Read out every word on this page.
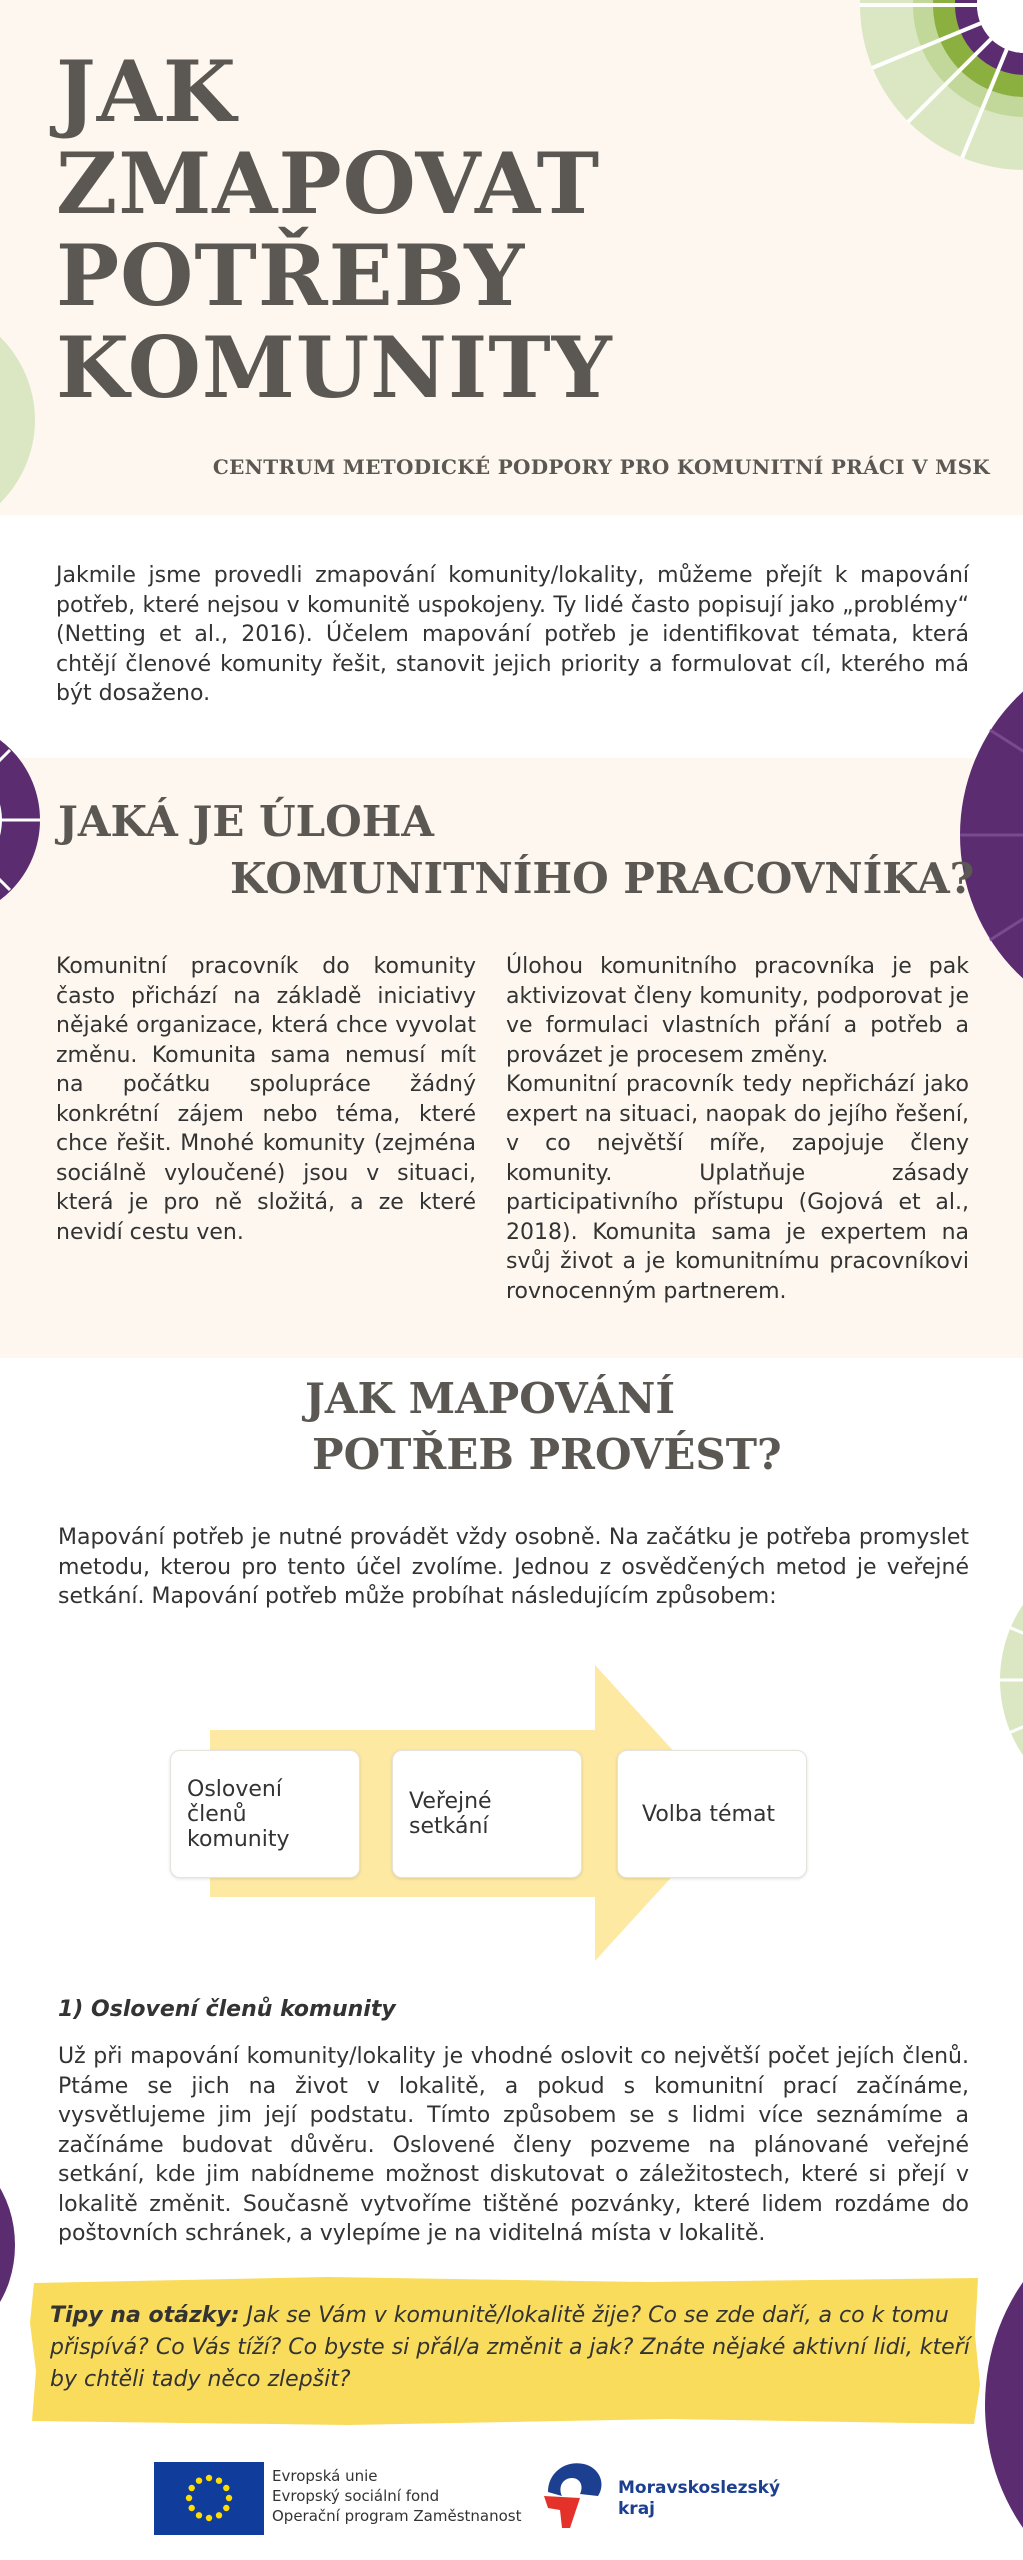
JAK
ZMAPOVAT
POTŘEBY
KOMUNITY
CENTRUM METODICKÉ PODPORY PRO KOMUNITNÍ PRÁCI V MSK

Jakmile jsme provedli zmapování komunity/lokality, můžeme přejít k mapování potřeb, které nejsou v komunitě uspokojeny. Ty lidé často popisují jako „problémy“ (Netting et al., 2016). Účelem mapování potřeb je identifikovat témata, která chtějí členové komunity řešit, stanovit jejich priority a formulovat cíl, kterého má být dosaženo.

JAKÁ JE ÚLOHA
KOMUNITNÍHO PRACOVNÍKA?

Komunitní pracovník do komunity často přichází na základě iniciativy nějaké organizace, která chce vyvolat změnu. Komunita sama nemusí mít na počátku spolupráce žádný konkrétní zájem nebo téma, které chce řešit. Mnohé komunity (zejména sociálně vyloučené) jsou v situaci, která je pro ně složitá, a ze které nevidí cestu ven.

Úlohou komunitního pracovníka je pak aktivizovat členy komunity, podporovat je ve formulaci vlastních přání a potřeb a provázet je procesem změny.

Komunitní pracovník tedy nepřichází jako expert na situaci, naopak do jejího řešení, v co největší míře, zapojuje členy komunity. Uplatňuje zásady participativního přístupu (Gojová et al., 2018). Komunita sama je expertem na svůj život a je komunitnímu pracovníkovi rovnocenným partnerem.

JAK MAPOVÁNÍ
POTŘEB PROVÉST?

Mapování potřeb je nutné provádět vždy osobně. Na začátku je potřeba promyslet metodu, kterou pro tento účel zvolíme. Jednou z osvědčených metod je veřejné setkání. Mapování potřeb může probíhat následujícím způsobem:

Oslovení členů komunity
Veřejné setkání	Volba témat
1) Oslovení členů komunity

Už při mapování komunity/lokality je vhodné oslovit co největší počet jejích členů. Ptáme se jich na život v lokalitě, a pokud s komunitní prací začínáme, vysvětlujeme jim její podstatu. Tímto způsobem se s lidmi více seznámíme a začínáme budovat důvěru. Oslovené členy pozveme na plánované veřejné setkání, kde jim nabídneme možnost diskutovat o záležitostech, které si přejí v lokalitě změnit. Současně vytvoříme tištěné pozvánky, které lidem rozdáme do poštovních schránek, a vylepíme je na viditelná místa v lokalitě.

Tipy na otázky: Jak se Vám v komunitě/lokalitě žije? Co se zde daří, a co k tomu přispívá? Co Vás tíží? Co byste si přál/a změnit a jak? Znáte nějaké aktivní lidi, kteří by chtěli tady něco zlepšit?

Evropská unie
Evropský sociální fond
Operační program Zaměstnanost
Moravskoslezský
kraj
